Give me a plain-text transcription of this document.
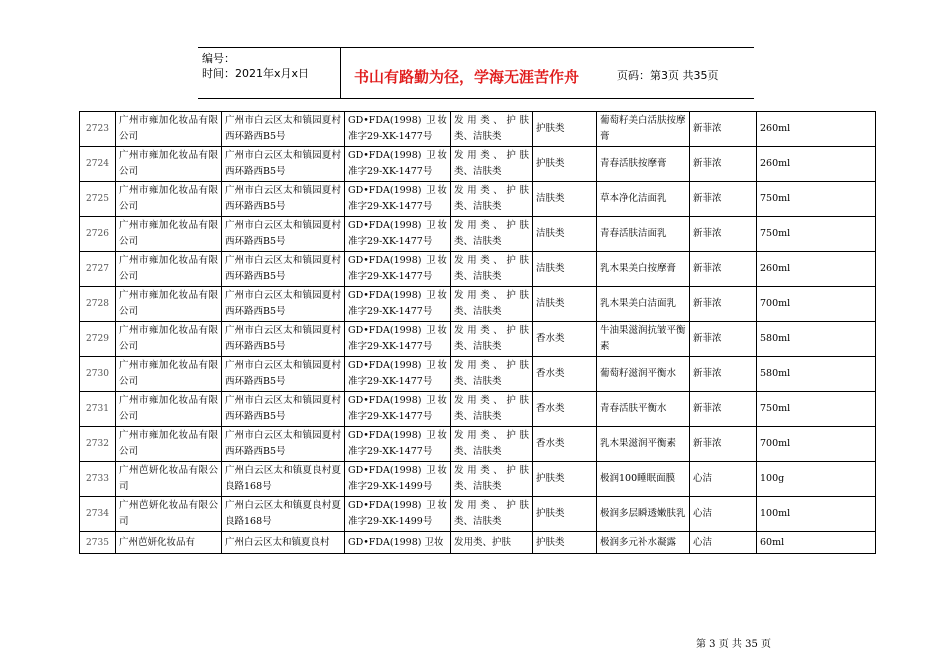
编号：
时间：2021年x月x日	书山有路勤为径，学海无涯苦作舟	页码：第3页 共35页
2723	广州市雍加化妆品有限公司	广州市白云区太和镇园夏村西环路西B5号	GD•FDA(1998) 卫妆准字29-XK-1477号	发用类、护肤类、洁肤类	护肤类	葡萄籽美白活肤按摩膏	新菲浓	260ml
2724	广州市雍加化妆品有限公司	广州市白云区太和镇园夏村西环路西B5号	GD•FDA(1998) 卫妆准字29-XK-1477号	发用类、护肤类、洁肤类	护肤类	青春活肤按摩膏	新菲浓	260ml
2725	广州市雍加化妆品有限公司	广州市白云区太和镇园夏村西环路西B5号	GD•FDA(1998) 卫妆准字29-XK-1477号	发用类、护肤类、洁肤类	洁肤类	草本净化洁面乳	新菲浓	750ml
2726	广州市雍加化妆品有限公司	广州市白云区太和镇园夏村西环路西B5号	GD•FDA(1998) 卫妆准字29-XK-1477号	发用类、护肤类、洁肤类	洁肤类	青春活肤洁面乳	新菲浓	750ml
2727	广州市雍加化妆品有限公司	广州市白云区太和镇园夏村西环路西B5号	GD•FDA(1998) 卫妆准字29-XK-1477号	发用类、护肤类、洁肤类	洁肤类	乳木果美白按摩膏	新菲浓	260ml
2728	广州市雍加化妆品有限公司	广州市白云区太和镇园夏村西环路西B5号	GD•FDA(1998) 卫妆准字29-XK-1477号	发用类、护肤类、洁肤类	洁肤类	乳木果美白洁面乳	新菲浓	700ml
2729	广州市雍加化妆品有限公司	广州市白云区太和镇园夏村西环路西B5号	GD•FDA(1998) 卫妆准字29-XK-1477号	发用类、护肤类、洁肤类	香水类	牛油果滋润抗皱平衡素	新菲浓	580ml
2730	广州市雍加化妆品有限公司	广州市白云区太和镇园夏村西环路西B5号	GD•FDA(1998) 卫妆准字29-XK-1477号	发用类、护肤类、洁肤类	香水类	葡萄籽滋润平衡水	新菲浓	580ml
2731	广州市雍加化妆品有限公司	广州市白云区太和镇园夏村西环路西B5号	GD•FDA(1998) 卫妆准字29-XK-1477号	发用类、护肤类、洁肤类	香水类	青春活肤平衡水	新菲浓	750ml
2732	广州市雍加化妆品有限公司	广州市白云区太和镇园夏村西环路西B5号	GD•FDA(1998) 卫妆准字29-XK-1477号	发用类、护肤类、洁肤类	香水类	乳木果滋润平衡素	新菲浓	700ml
2733	广州芭妍化妆品有限公司	广州白云区太和镇夏良村夏良路168号	GD•FDA(1998) 卫妆准字29-XK-1499号	发用类、护肤类、洁肤类	护肤类	极润100睡眠面膜	心洁	100g
2734	广州芭妍化妆品有限公司	广州白云区太和镇夏良村夏良路168号	GD•FDA(1998) 卫妆准字29-XK-1499号	发用类、护肤类、洁肤类	护肤类	极润多层瞬透嫩肤乳	心洁	100ml
2735	广州芭妍化妆品有	广州白云区太和镇夏良村	GD•FDA(1998) 卫妆	发用类、护肤	护肤类	极润多元补水凝露	心洁	60ml
第 3 页 共 35 页
